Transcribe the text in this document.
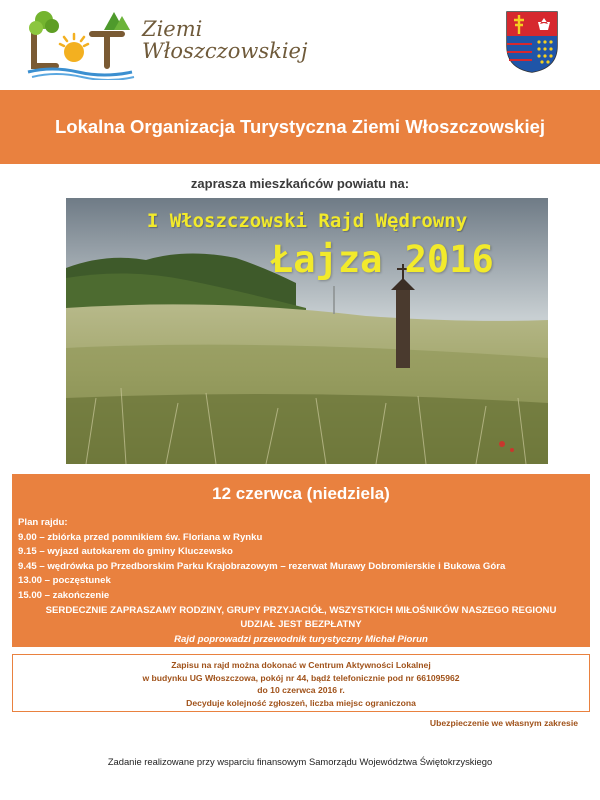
Ziemi
Włoszczowskiej
Lokalna Organizacja Turystyczna Ziemi Włoszczowskiej
zaprasza mieszkańców powiatu na:
I Włoszczowski Rajd Wędrowny
Łajza 2016
12 czerwca (niedziela)
Plan rajdu:
9.00 – zbiórka przed pomnikiem św. Floriana w Rynku
9.15 – wyjazd autokarem do gminy Kluczewsko
9.45 – wędrówka po Przedborskim Parku Krajobrazowym – rezerwat Murawy Dobromierskie i Bukowa Góra
13.00 – poczęstunek
15.00 – zakończenie
SERDECZNIE ZAPRASZAMY RODZINY, GRUPY PRZYJACIÓŁ, WSZYSTKICH MIŁOŚNIKÓW NASZEGO REGIONU
UDZIAŁ JEST BEZPŁATNY
Rajd poprowadzi przewodnik turystyczny Michał Piorun
Zapisu na rajd można dokonać w Centrum Aktywności Lokalnej
w budynku UG Włoszczowa, pokój nr 44, bądź telefonicznie pod nr 661095962
do 10 czerwca 2016 r.
Decyduje kolejność zgłoszeń, liczba miejsc ograniczona
Ubezpieczenie we własnym zakresie
Zadanie realizowane przy wsparciu finansowym Samorządu Województwa Świętokrzyskiego
